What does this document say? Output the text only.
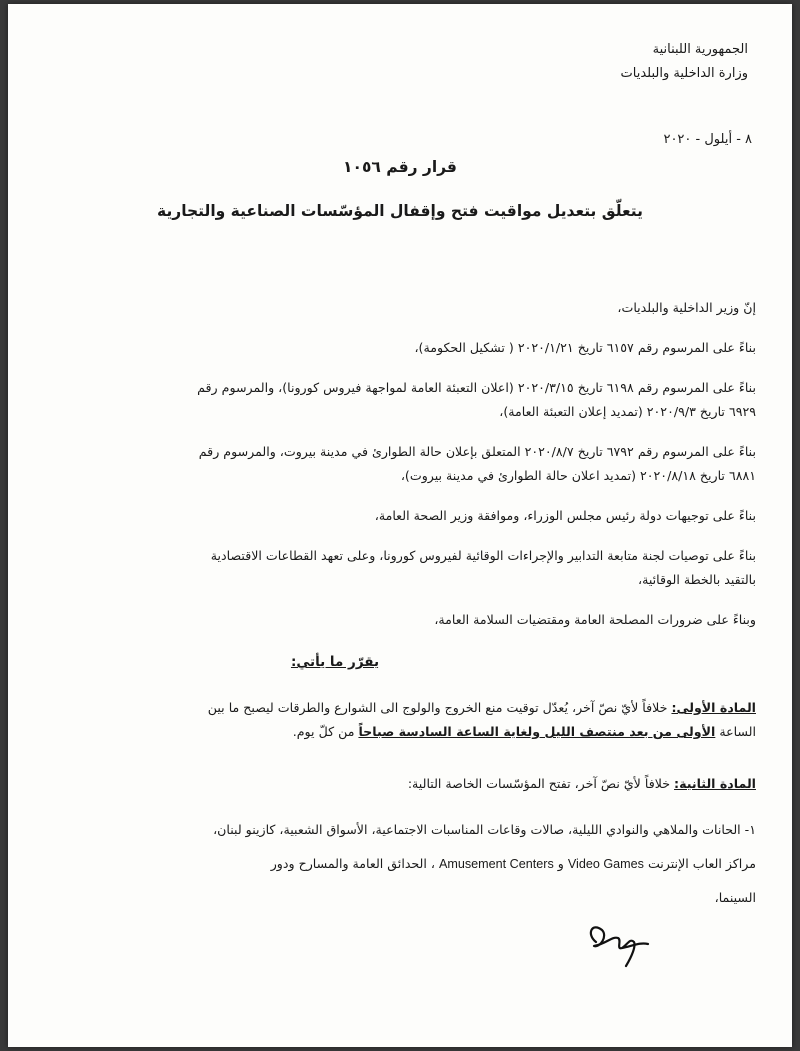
الجمهورية اللبنانية
وزارة الداخلية والبلديات
٨ - أيلول - ٢٠٢٠
قرار رقم ١٠٥٦
يتعلّق بتعديل مواقيت فتح وإقفال المؤسّسات الصناعية والتجارية
إنّ وزير الداخلية والبلديات،
بناءً على المرسوم رقم ٦١٥٧ تاريخ ٢٠٢٠/١/٢١ ( تشكيل الحكومة)،
بناءً على المرسوم رقم ٦١٩٨ تاريخ ٢٠٢٠/٣/١٥ (اعلان التعبئة العامة لمواجهة فيروس كورونا)، والمرسوم رقم
٦٩٢٩ تاريخ ٢٠٢٠/٩/٣ (تمديد إعلان التعبئة العامة)،
بناءً على المرسوم رقم ٦٧٩٢ تاريخ ٢٠٢٠/٨/٧ المتعلق بإعلان حالة الطوارئ في مدينة بيروت، والمرسوم رقم
٦٨٨١ تاريخ ٢٠٢٠/٨/١٨ (تمديد اعلان حالة الطوارئ في مدينة بيروت)،
بناءً على توجيهات دولة رئيس مجلس الوزراء، وموافقة وزير الصحة العامة،
بناءً على توصيات لجنة متابعة التدابير والإجراءات الوقائية لفيروس كورونا، وعلى تعهد القطاعات الاقتصادية
بالتقيد بالخطة الوقائية،
وبناءً على ضرورات المصلحة العامة ومقتضيات السلامة العامة،
يقرّر ما يأتي:
المادة الأولى: خلافاً لأيّ نصّ آخر، يُعدّل توقيت منع الخروج والولوج الى الشوارع والطرقات ليصبح ما بين
الساعة الأولى من بعد منتصف الليل ولغاية الساعة السادسة صباحاً من كلّ يوم.
المادة الثانية: خلافاً لأيّ نصّ آخر، تفتح المؤسّسات الخاصة التالية:
١- الحانات والملاهي والنوادي الليلية، صالات وقاعات المناسبات الاجتماعية، الأسواق الشعبية، كازينو لبنان،
مراكز العاب الإنترنت Video Games و Amusement Centers ، الحدائق العامة والمسارح ودور
السينما،
